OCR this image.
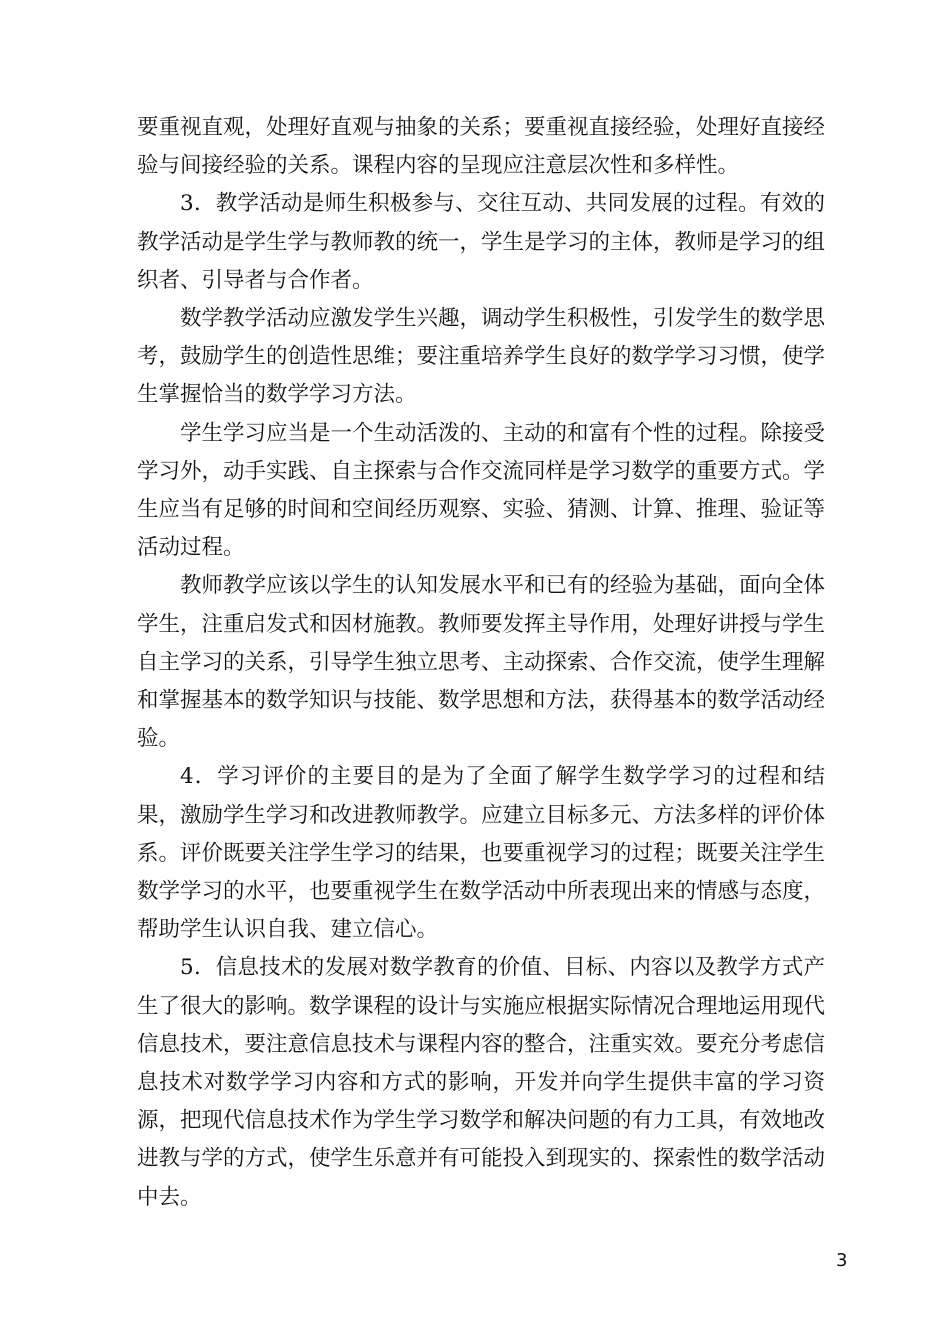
要重视直观，处理好直观与抽象的关系；要重视直接经验，处理好直接经验与间接经验的关系。课程内容的呈现应注意层次性和多样性。

3．教学活动是师生积极参与、交往互动、共同发展的过程。有效的教学活动是学生学与教师教的统一，学生是学习的主体，教师是学习的组织者、引导者与合作者。

数学教学活动应激发学生兴趣，调动学生积极性，引发学生的数学思考，鼓励学生的创造性思维；要注重培养学生良好的数学学习习惯，使学生掌握恰当的数学学习方法。

学生学习应当是一个生动活泼的、主动的和富有个性的过程。除接受学习外，动手实践、自主探索与合作交流同样是学习数学的重要方式。学生应当有足够的时间和空间经历观察、实验、猜测、计算、推理、验证等活动过程。

教师教学应该以学生的认知发展水平和已有的经验为基础，面向全体学生，注重启发式和因材施教。教师要发挥主导作用，处理好讲授与学生自主学习的关系，引导学生独立思考、主动探索、合作交流，使学生理解和掌握基本的数学知识与技能、数学思想和方法，获得基本的数学活动经验。

4．学习评价的主要目的是为了全面了解学生数学学习的过程和结果，激励学生学习和改进教师教学。应建立目标多元、方法多样的评价体系。评价既要关注学生学习的结果，也要重视学习的过程；既要关注学生数学学习的水平，也要重视学生在数学活动中所表现出来的情感与态度，帮助学生认识自我、建立信心。

5．信息技术的发展对数学教育的价值、目标、内容以及教学方式产生了很大的影响。数学课程的设计与实施应根据实际情况合理地运用现代信息技术，要注意信息技术与课程内容的整合，注重实效。要充分考虑信息技术对数学学习内容和方式的影响，开发并向学生提供丰富的学习资源，把现代信息技术作为学生学习数学和解决问题的有力工具，有效地改进教与学的方式，使学生乐意并有可能投入到现实的、探索性的数学活动中去。

3
